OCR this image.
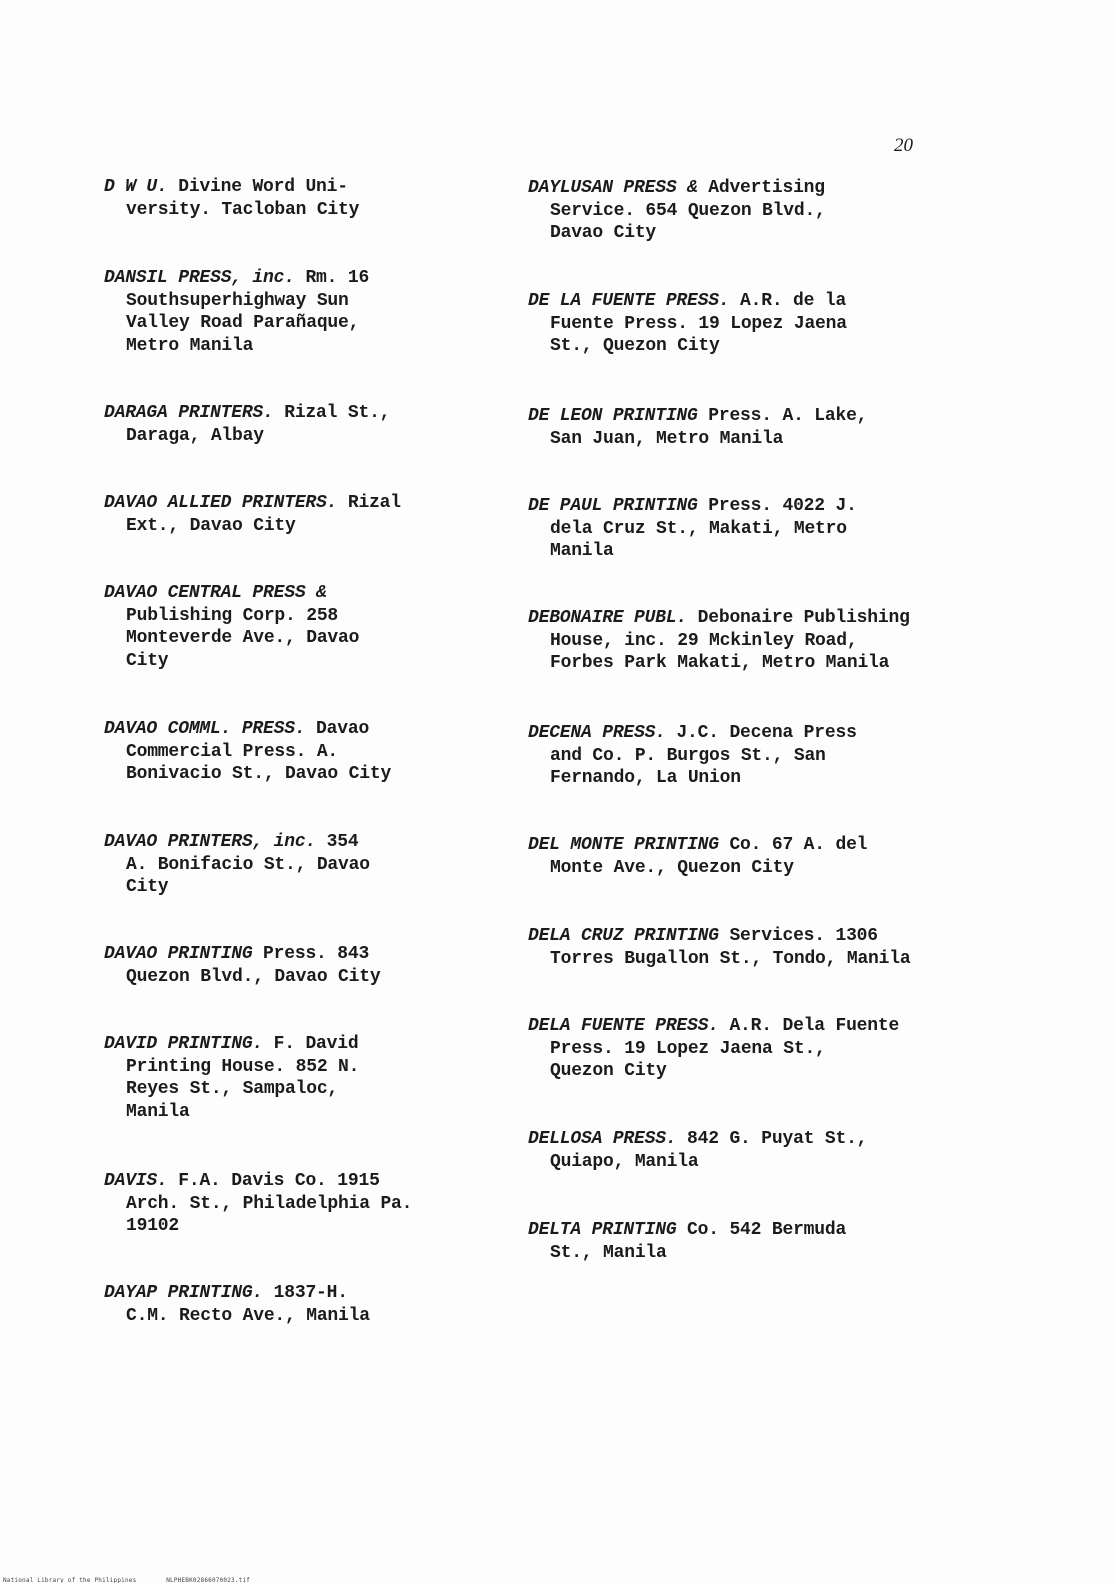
20
D W U. Divine Word Uni-
versity. Tacloban City
DANSIL PRESS, inc. Rm. 16
Southsuperhighway Sun
Valley Road Parañaque,
Metro Manila
DARAGA PRINTERS. Rizal St.,
Daraga, Albay
DAVAO ALLIED PRINTERS. Rizal
Ext., Davao City
DAVAO CENTRAL PRESS &
Publishing Corp. 258
Monteverde Ave., Davao
City
DAVAO COMML. PRESS. Davao
Commercial Press. A.
Bonivacio St., Davao City
DAVAO PRINTERS, inc. 354
A. Bonifacio St., Davao
City
DAVAO PRINTING Press. 843
Quezon Blvd., Davao City
DAVID PRINTING. F. David
Printing House. 852 N.
Reyes St., Sampaloc,
Manila
DAVIS. F.A. Davis Co. 1915
Arch. St., Philadelphia Pa.
19102
DAYAP PRINTING. 1837-H.
C.M. Recto Ave., Manila
DAYLUSAN PRESS & Advertising
Service. 654 Quezon Blvd.,
Davao City
DE LA FUENTE PRESS. A.R. de la
Fuente Press. 19 Lopez Jaena
St., Quezon City
DE LEON PRINTING Press. A. Lake,
San Juan, Metro Manila
DE PAUL PRINTING Press. 4022 J.
dela Cruz St., Makati, Metro
Manila
DEBONAIRE PUBL. Debonaire Publishing
House, inc. 29 Mckinley Road,
Forbes Park Makati, Metro Manila
DECENA PRESS. J.C. Decena Press
and Co. P. Burgos St., San
Fernando, La Union
DEL MONTE PRINTING Co. 67 A. del
Monte Ave., Quezon City
DELA CRUZ PRINTING Services. 1306
Torres Bugallon St., Tondo, Manila
DELA FUENTE PRESS. A.R. Dela Fuente
Press. 19 Lopez Jaena St.,
Quezon City
DELLOSA PRESS. 842 G. Puyat St.,
Quiapo, Manila
DELTA PRINTING Co. 542 Bermuda
St., Manila
National Library of the Philippines	NLPHEBK02866070023.tif
